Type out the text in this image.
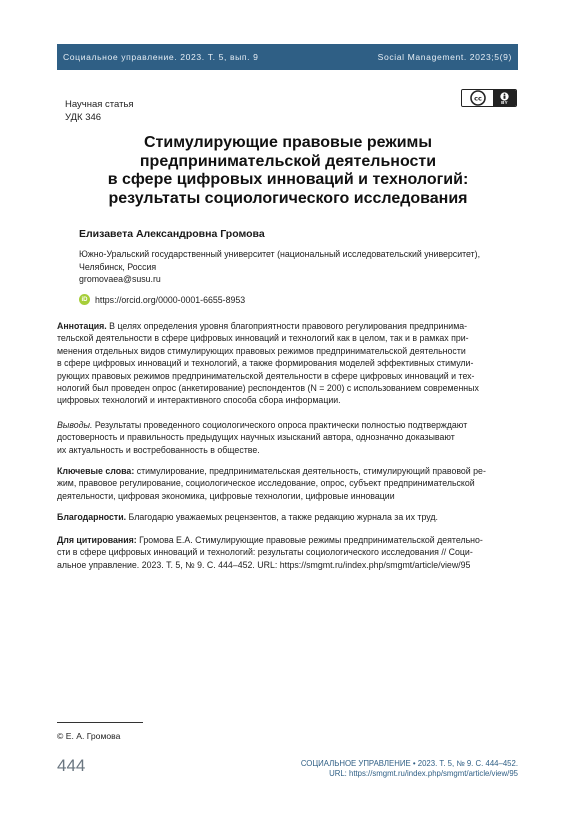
Социальное управление. 2023. Т. 5, вып. 9	Social Management. 2023;5(9)
Научная статья
УДК 346
cc	BY
Стимулирующие правовые режимы
предпринимательской деятельности
в сфере цифровых инноваций и технологий:
результаты социологического исследования
Елизавета Александровна Громова
Южно-Уральский государственный университет (национальный исследовательский университет),
Челябинск, Россия
gromovaea@susu.ru
iD https://orcid.org/0000-0001-6655-8953
Аннотация. В целях определения уровня благоприятности правового регулирования предпринима-
тельской деятельности в сфере цифровых инноваций и технологий как в целом, так и в рамках при-
менения отдельных видов стимулирующих правовых режимов предпринимательской деятельности
в сфере цифровых инноваций и технологий, а также формирования моделей эффективных стимули-
рующих правовых режимов предпринимательской деятельности в сфере цифровых инноваций и тех-
нологий был проведен опрос (анкетирование) респондентов (N = 200) с использованием современных
цифровых технологий и интерактивного способа сбора информации.
Выводы. Результаты проведенного социологического опроса практически полностью подтверждают
достоверность и правильность предыдущих научных изысканий автора, однозначно доказывают
их актуальность и востребованность в обществе.
Ключевые слова: стимулирование, предпринимательская деятельность, стимулирующий правовой ре-
жим, правовое регулирование, социологическое исследование, опрос, субъект предпринимательской
деятельности, цифровая экономика, цифровые технологии, цифровые инновации
Благодарности. Благодарю уважаемых рецензентов, а также редакцию журнала за их труд.
Для цитирования: Громова Е.А. Стимулирующие правовые режимы предпринимательской деятельно-
сти в сфере цифровых инноваций и технологий: результаты социологического исследования // Соци-
альное управление. 2023. Т. 5, № 9. С. 444–452. URL: https://smgmt.ru/index.php/smgmt/article/view/95
© Е. А. Громова
444	СОЦИАЛЬНОЕ УПРАВЛЕНИЕ • 2023. Т. 5, № 9. С. 444–452.
URL: https://smgmt.ru/index.php/smgmt/article/view/95
